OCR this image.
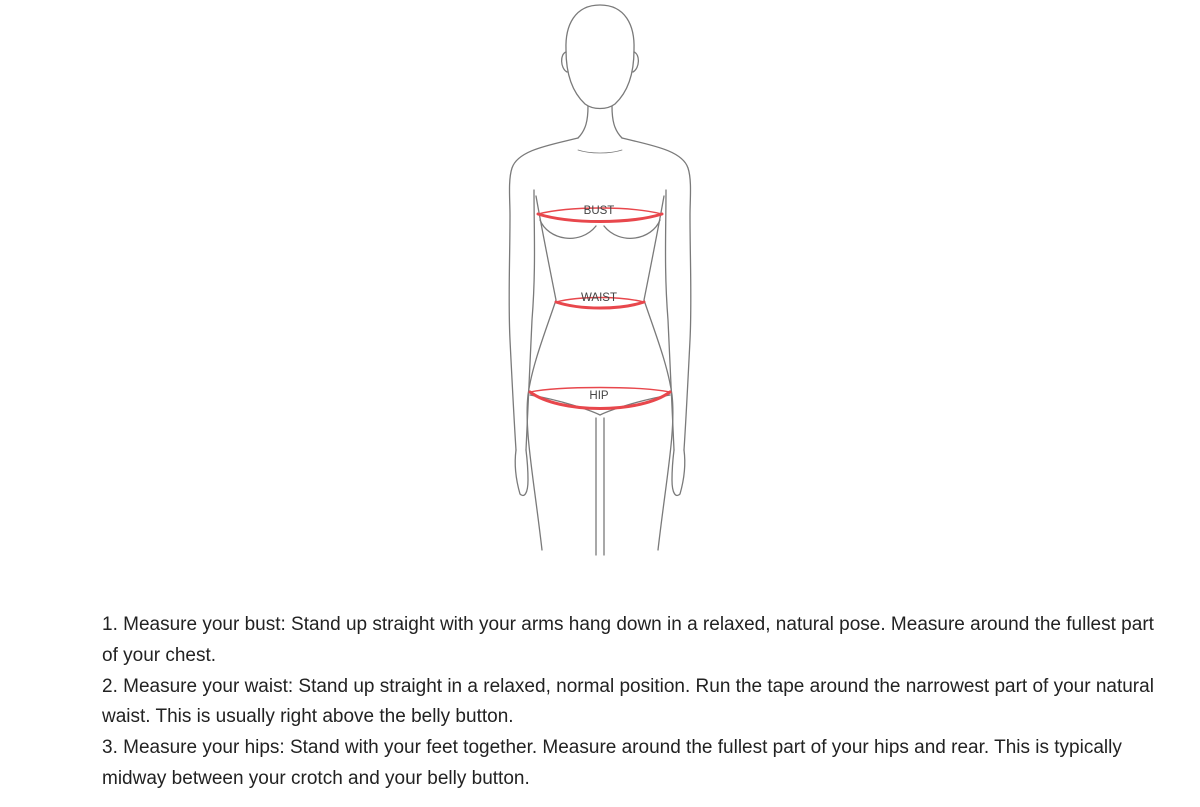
BUST
WAIST
HIP

1. Measure your bust: Stand up straight with your arms hang down in a relaxed, natural pose. Measure around the fullest part of your chest.

2. Measure your waist: Stand up straight in a relaxed, normal position. Run the tape around the narrowest part of your natural waist. This is usually right above the belly button.

3. Measure your hips: Stand with your feet together. Measure around the fullest part of your hips and rear. This is typically midway between your crotch and your belly button.
